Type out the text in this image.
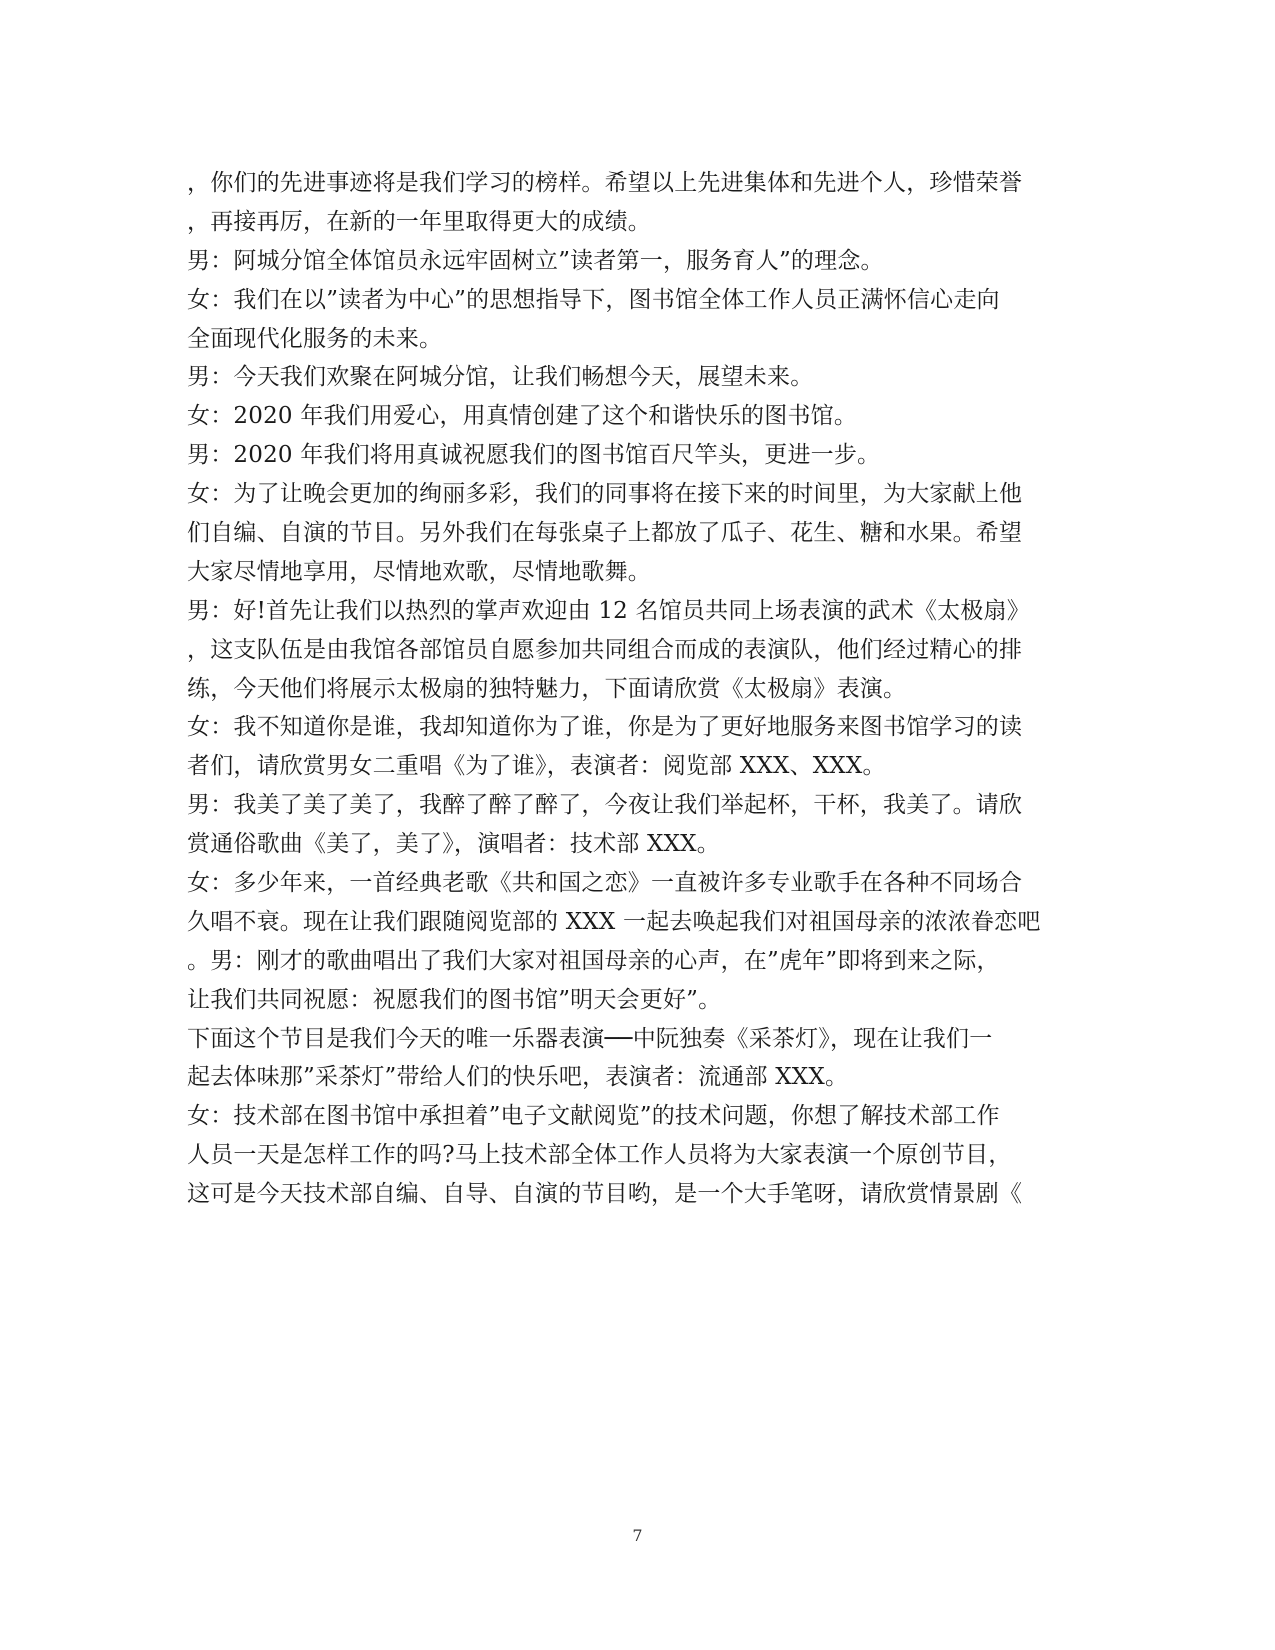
，你们的先进事迹将是我们学习的榜样。希望以上先进集体和先进个人，珍惜荣誉
，再接再厉，在新的一年里取得更大的成绩。
男：阿城分馆全体馆员永远牢固树立”读者第一，服务育人”的理念。
女：我们在以”读者为中心”的思想指导下，图书馆全体工作人员正满怀信心走向
全面现代化服务的未来。
男：今天我们欢聚在阿城分馆，让我们畅想今天，展望未来。
女：2020 年我们用爱心，用真情创建了这个和谐快乐的图书馆。
男：2020 年我们将用真诚祝愿我们的图书馆百尺竿头，更进一步。
女：为了让晚会更加的绚丽多彩，我们的同事将在接下来的时间里，为大家献上他
们自编、自演的节目。另外我们在每张桌子上都放了瓜子、花生、糖和水果。希望
大家尽情地享用，尽情地欢歌，尽情地歌舞。
男：好!首先让我们以热烈的掌声欢迎由 12 名馆员共同上场表演的武术《太极扇》
，这支队伍是由我馆各部馆员自愿参加共同组合而成的表演队，他们经过精心的排
练，今天他们将展示太极扇的独特魅力，下面请欣赏《太极扇》表演。
女：我不知道你是谁，我却知道你为了谁，你是为了更好地服务来图书馆学习的读
者们，请欣赏男女二重唱《为了谁》，表演者：阅览部 XXX、XXX。
男：我美了美了美了，我醉了醉了醉了，今夜让我们举起杯，干杯，我美了。请欣
赏通俗歌曲《美了，美了》，演唱者：技术部 XXX。
女：多少年来，一首经典老歌《共和国之恋》一直被许多专业歌手在各种不同场合
久唱不衰。现在让我们跟随阅览部的 XXX 一起去唤起我们对祖国母亲的浓浓眷恋吧
。男：刚才的歌曲唱出了我们大家对祖国母亲的心声，在”虎年”即将到来之际，
让我们共同祝愿：祝愿我们的图书馆”明天会更好”。
下面这个节目是我们今天的唯一乐器表演──中阮独奏《采茶灯》，现在让我们一
起去体味那”采茶灯”带给人们的快乐吧，表演者：流通部 XXX。
女：技术部在图书馆中承担着”电子文献阅览”的技术问题，你想了解技术部工作
人员一天是怎样工作的吗?马上技术部全体工作人员将为大家表演一个原创节目，
这可是今天技术部自编、自导、自演的节目哟，是一个大手笔呀，请欣赏情景剧《
7
